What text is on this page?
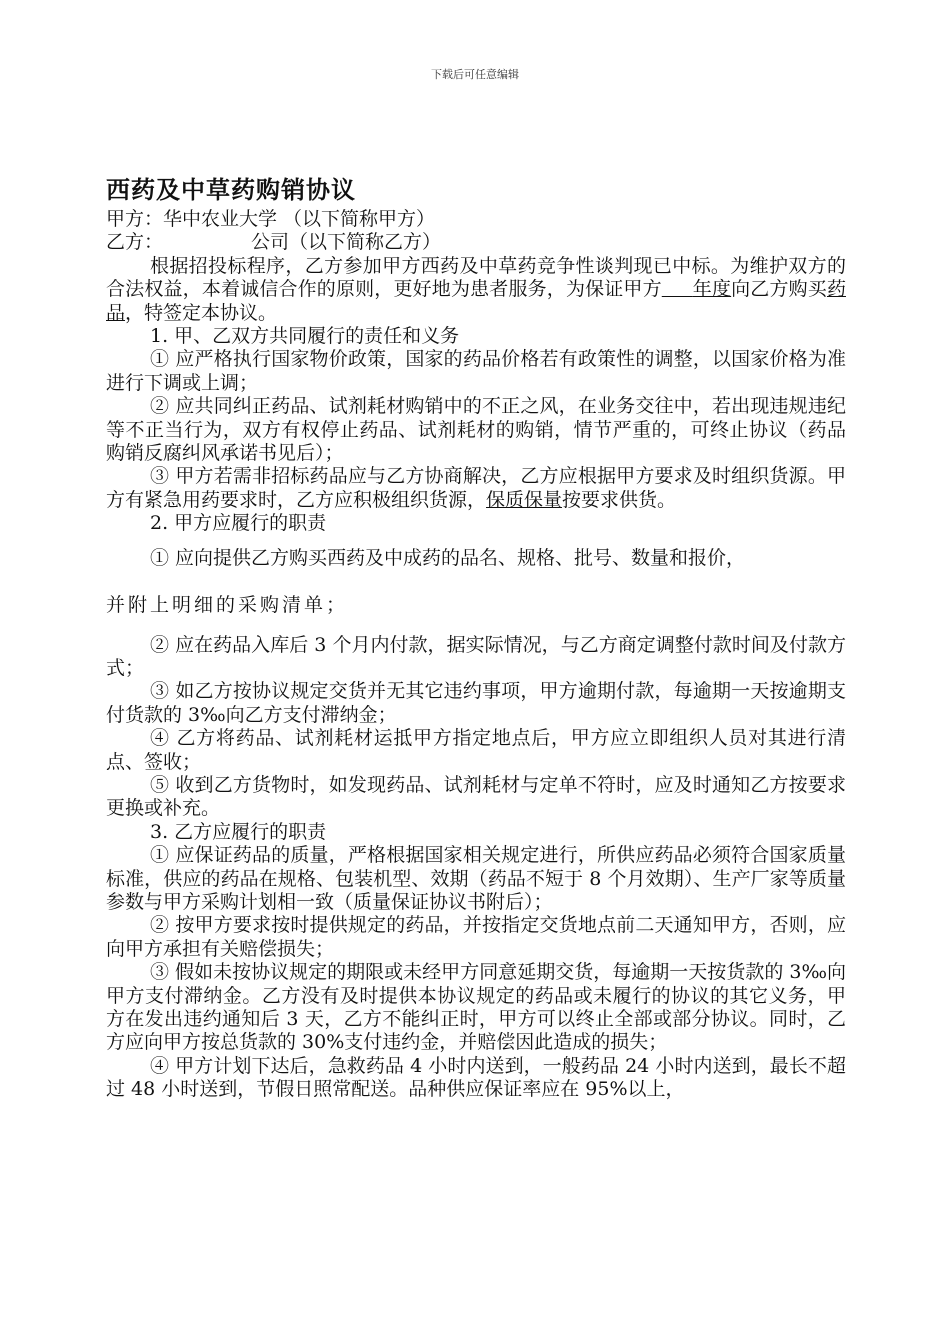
下载后可任意编辑
西药及中草药购销协议

甲方：华中农业大学 （以下简称甲方）

乙方：	公司（以下简称乙方）

根据招投标程序，乙方参加甲方西药及中草药竞争性谈判现已中标。为维护双方的合法权益，本着诚信合作的原则，更好地为患者服务，为保证甲方 年度向乙方购买药品，特签定本协议。

1. 甲、乙双方共同履行的责任和义务

① 应严格执行国家物价政策，国家的药品价格若有政策性的调整，以国家价格为准进行下调或上调；

② 应共同纠正药品、试剂耗材购销中的不正之风，在业务交往中，若出现违规违纪等不正当行为，双方有权停止药品、试剂耗材的购销，情节严重的，可终止协议（药品购销反腐纠风承诺书见后）；

③ 甲方若需非招标药品应与乙方协商解决，乙方应根据甲方要求及时组织货源。甲方有紧急用药要求时，乙方应积极组织货源，保质保量按要求供货。

2. 甲方应履行的职责

① 应向提供乙方购买西药及中成药的品名、规格、批号、数量和报价，

并附上明细的采购清单；

② 应在药品入库后 3 个月内付款，据实际情况，与乙方商定调整付款时间及付款方式；

③ 如乙方按协议规定交货并无其它违约事项，甲方逾期付款，每逾期一天按逾期支付货款的 3‰向乙方支付滞纳金；

④ 乙方将药品、试剂耗材运抵甲方指定地点后，甲方应立即组织人员对其进行清点、签收；

⑤ 收到乙方货物时，如发现药品、试剂耗材与定单不符时，应及时通知乙方按要求更换或补充。

3. 乙方应履行的职责

① 应保证药品的质量，严格根据国家相关规定进行，所供应药品必须符合国家质量标准，供应的药品在规格、包装机型、效期（药品不短于 8 个月效期）、生产厂家等质量参数与甲方采购计划相一致（质量保证协议书附后）；

② 按甲方要求按时提供规定的药品，并按指定交货地点前二天通知甲方，否则，应向甲方承担有关赔偿损失；

③ 假如未按协议规定的期限或未经甲方同意延期交货，每逾期一天按货款的 3‰向甲方支付滞纳金。乙方没有及时提供本协议规定的药品或未履行的协议的其它义务，甲方在发出违约通知后 3 天，乙方不能纠正时，甲方可以终止全部或部分协议。同时，乙方应向甲方按总货款的 30%支付违约金，并赔偿因此造成的损失；

④ 甲方计划下达后，急救药品 4 小时内送到，一般药品 24 小时内送到，最长不超过 48 小时送到，节假日照常配送。品种供应保证率应在 95%以上，
